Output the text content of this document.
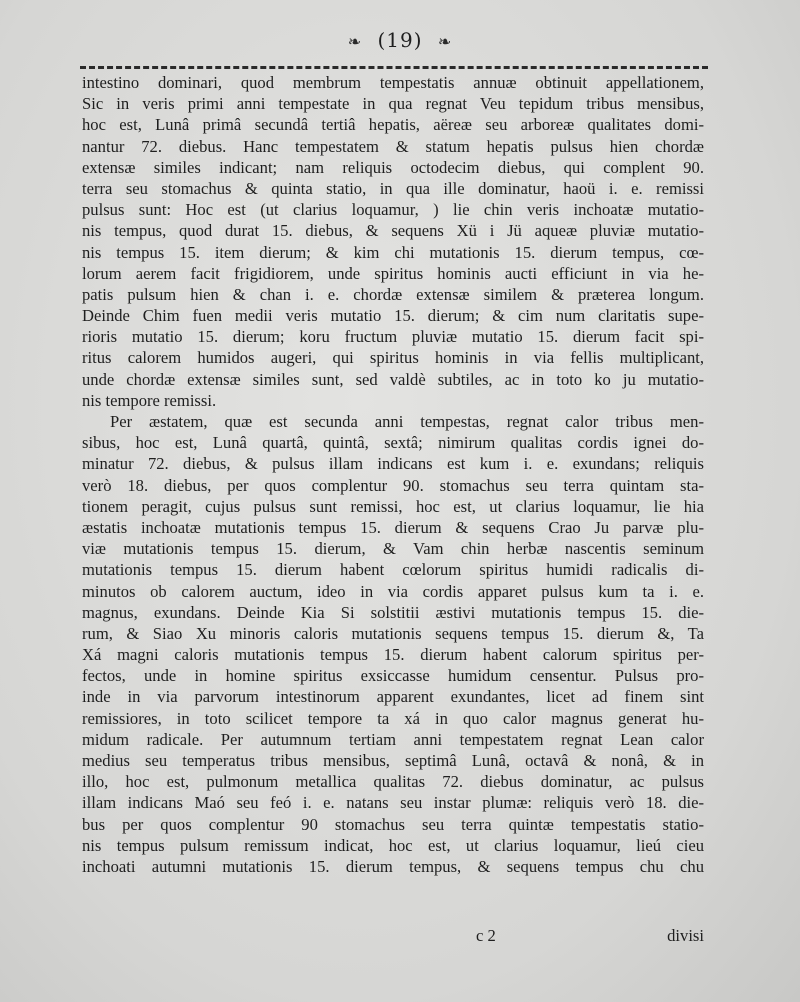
❧ (19) ❧
intestino dominari, quod membrum tempestatis annuæ obtinuit appellationem,
Sic in veris primi anni tempestate in qua regnat Veu tepidum tribus mensibus,
hoc est, Lunâ primâ secundâ tertiâ hepatis, aëreæ seu arboreæ qualitates domi-
nantur 72. diebus. Hanc tempestatem & statum hepatis pulsus hien chordæ
extensæ similes indicant; nam reliquis octodecim diebus, qui complent 90.
terra seu stomachus & quinta statio, in qua ille dominatur, haoü i. e. remissi
pulsus sunt: Hoc est (ut clarius loquamur, ) lie chin veris inchoatæ mutatio-
nis tempus, quod durat 15. diebus, & sequens Xü i Jü aqueæ pluviæ mutatio-
nis tempus 15. item dierum; & kim chi mutationis 15. dierum tempus, cœ-
lorum aerem facit frigidiorem, unde spiritus hominis aucti efficiunt in via he-
patis pulsum hien & chan i. e. chordæ extensæ similem & præterea longum.
Deinde Chim fuen medii veris mutatio 15. dierum; & cim num claritatis supe-
rioris mutatio 15. dierum; koru fructum pluviæ mutatio 15. dierum facit spi-
ritus calorem humidos augeri, qui spiritus hominis in via fellis multiplicant,
unde chordæ extensæ similes sunt, sed valdè subtiles, ac in toto ko ju mutatio-
nis tempore remissi.
Per æstatem, quæ est secunda anni tempestas, regnat calor tribus men-
sibus, hoc est, Lunâ quartâ, quintâ, sextâ; nimirum qualitas cordis ignei do-
minatur 72. diebus, & pulsus illam indicans est kum i. e. exundans; reliquis
verò 18. diebus, per quos complentur 90. stomachus seu terra quintam sta-
tionem peragit, cujus pulsus sunt remissi, hoc est, ut clarius loquamur, lie hia
æstatis inchoatæ mutationis tempus 15. dierum & sequens Crao Ju parvæ plu-
viæ mutationis tempus 15. dierum, & Vam chin herbæ nascentis seminum
mutationis tempus 15. dierum habent cœlorum spiritus humidi radicalis di-
minutos ob calorem auctum, ideo in via cordis apparet pulsus kum ta i. e.
magnus, exundans. Deinde Kia Si solstitii æstivi mutationis tempus 15. die-
rum, & Siao Xu minoris caloris mutationis sequens tempus 15. dierum &, Ta
Xá magni caloris mutationis tempus 15. dierum habent calorum spiritus per-
fectos, unde in homine spiritus exsiccasse humidum censentur. Pulsus pro-
inde in via parvorum intestinorum apparent exundantes, licet ad finem sint
remissiores, in toto scilicet tempore ta xá in quo calor magnus generat hu-
midum radicale. Per autumnum tertiam anni tempestatem regnat Lean calor
medius seu temperatus tribus mensibus, septimâ Lunâ, octavâ & nonâ, & in
illo, hoc est, pulmonum metallica qualitas 72. diebus dominatur, ac pulsus
illam indicans Maó seu feó i. e. natans seu instar plumæ: reliquis verò 18. die-
bus per quos complentur 90 stomachus seu terra quintæ tempestatis statio-
nis tempus pulsum remissum indicat, hoc est, ut clarius loquamur, lieú cieu
inchoati autumni mutationis 15. dierum tempus, & sequens tempus chu chu
c 2	divisi
